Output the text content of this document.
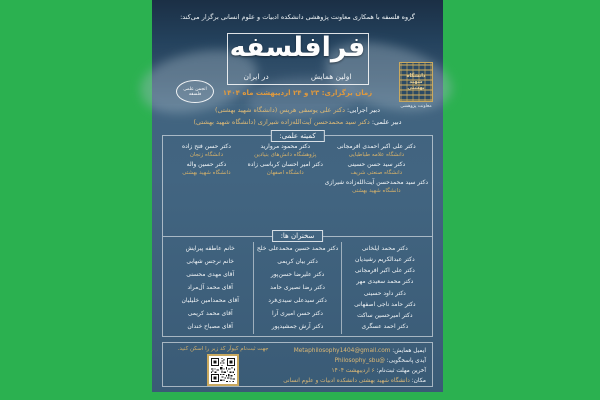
گروه فلسفه با همکاری معاونت پژوهشی دانشکده ادبیات و علوم انسانی برگزار می‌کند:
فرافلسفه
اولین همایش
در ایران
زمان برگزاری: ۲۳ و ۲۴ اردیبهشت ماه ۱۴۰۴
انجمن علمی فلسفه
دانشگاه شهید بهشتی
معاونت پژوهشی
دبیر اجرایی: دکتر علی یوسفی هریس (دانشگاه شهید بهشتی)
دبیر علمی: دکتر سید محمدحسن آیت‌الله‌زاده شیرازی (دانشگاه شهید بهشتی)
کمیته علمی:
دکتر علی اکبر احمدی افرمجانی
دانشگاه علامه طباطبایی
دکتر محمود مروارید
پژوهشگاه دانش‌های بنیادین
دکتر حسن فتح زاده
دانشگاه زنجان
دکتر سید حسن حسینی
دانشگاه صنعتی شریف
دکتر امیر احسان کرباسی زاده
دانشگاه اصفهان
دکتر حسین واله
دانشگاه شهید بهشتی
دکتر سید محمدحسن آیت‌الله‌زاده شیرازی
دانشگاه شهید بهشتی
سخنران ها:
دکتر محمد ایلخانی
دکتر عبدالکریم رشیدیان
دکتر علی اکبر افرمجانی
دکتر محمد سعیدی مهر
دکتر داود حسینی
دکتر حامد ناجی اصفهانی
دکتر امیرحسین ساکت
دکتر احمد عسگری
دکتر محمد حسین محمدعلی خلج
دکتر بیان کریمی
دکتر علیرضا حسن‌پور
دکتر رضا نصیری حامد
دکتر سیدعلی سیدی‌فرد
دکتر حسن امیری آرا
دکتر آرش جمشیدپور
خانم عاطفه پیرایش
خانم نرجس شهابی
آقای مهدی محسنی
آقای محمد آل‌مراد
آقای محمدامین خلیلیان
آقای محمد کریمی
آقای مصباح خندان
ایمیل همایش: Metaphilosophy1404@gmail.com
آیدی پاسخگویی: @Philosophy_sbu
آخرین مهلت ثبت‌نام: ۶ اردیبهشت ۱۴۰۴
مکان: دانشگاه شهید بهشتی دانشکده ادبیات و علوم انسانی
جهت ثبت‌نام کیوآر کد زیر را اسکن کنید.
